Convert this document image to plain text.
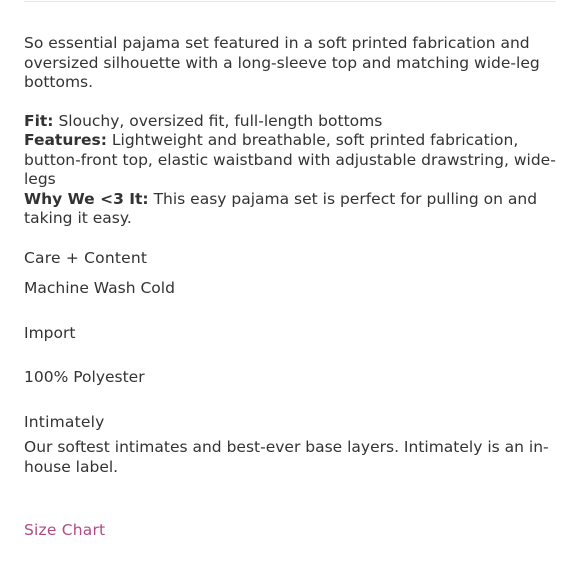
So essential pajama set featured in a soft printed fabrication and oversized silhouette with a long-sleeve top and matching wide-leg bottoms.

Fit: Slouchy, oversized fit, full-length bottoms

Features: Lightweight and breathable, soft printed fabrication, button-front top, elastic waistband with adjustable drawstring, wide-legs

Why We <3 It: This easy pajama set is perfect for pulling on and taking it easy.

Care + Content

Machine Wash Cold

Import

100% Polyester

Intimately

Our softest intimates and best-ever base layers. Intimately is an in-house label.

Size Chart
